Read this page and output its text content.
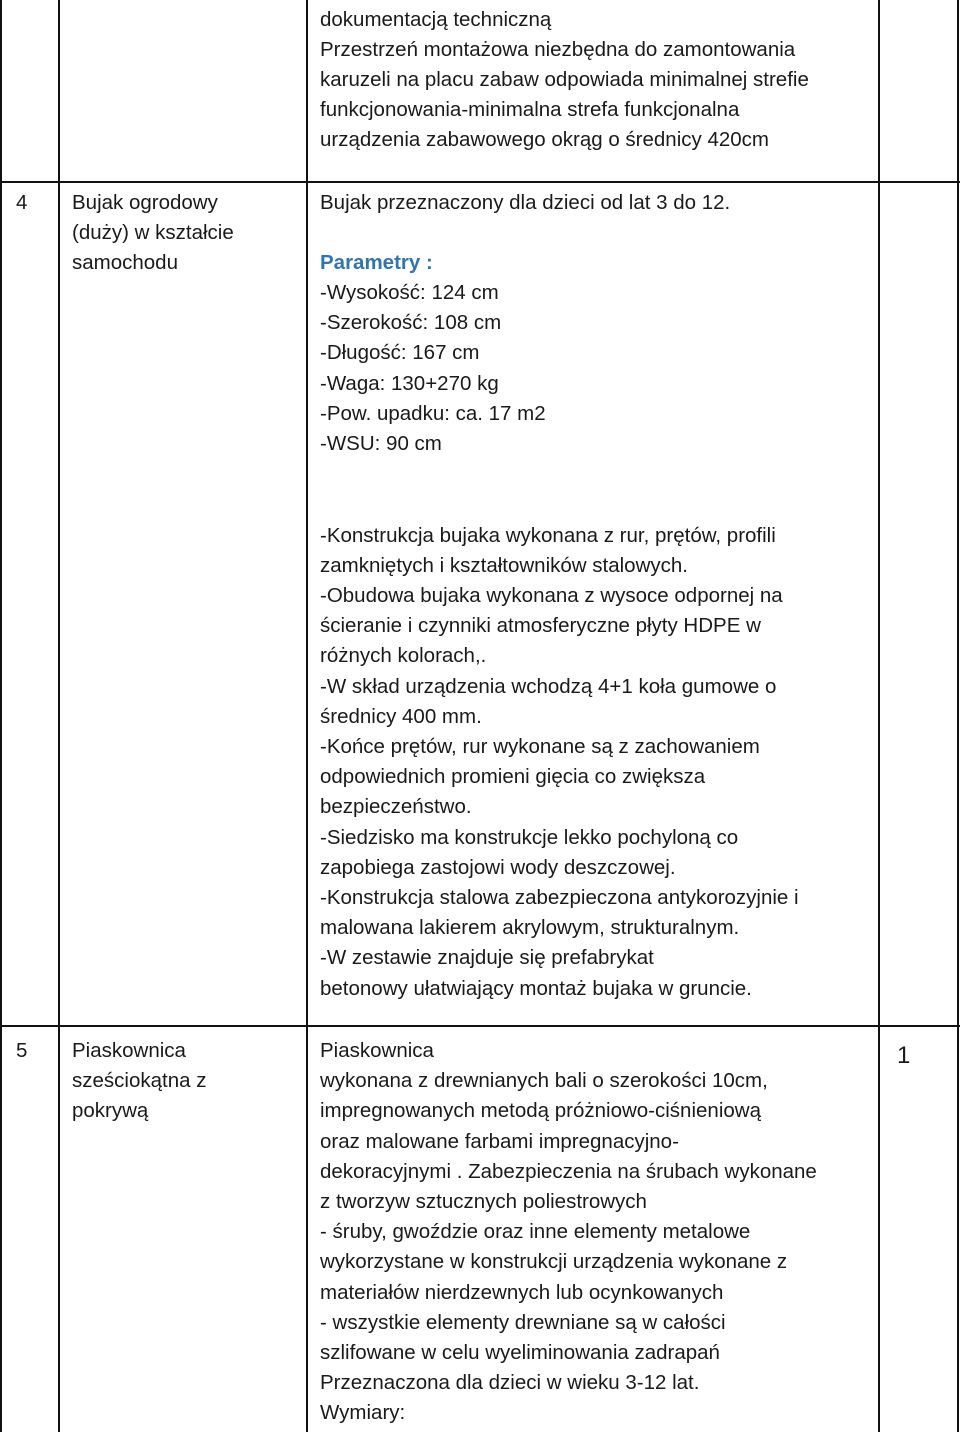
dokumentacją techniczną
Przestrzeń montażowa niezbędna do zamontowania
karuzeli na placu zabaw odpowiada minimalnej strefie
funkcjonowania-minimalna strefa funkcjonalna
urządzenia zabawowego okrąg o średnicy 420cm
4 Bujak ogrodowy
(duży) w kształcie
samochodu
Bujak przeznaczony dla dzieci od lat 3 do 12.
Parametry :
-Wysokość: 124 cm
-Szerokość: 108 cm
-Długość: 167 cm
-Waga: 130+270 kg
-Pow. upadku: ca. 17 m2
-WSU: 90 cm
-Konstrukcja bujaka wykonana z rur, prętów, profili
zamkniętych i kształtowników stalowych.
-Obudowa bujaka wykonana z wysoce odpornej na
ścieranie i czynniki atmosferyczne płyty HDPE w
różnych kolorach,.
-W skład urządzenia wchodzą 4+1 koła gumowe o
średnicy 400 mm.
-Końce prętów, rur wykonane są z zachowaniem
odpowiednich promieni gięcia co zwiększa
bezpieczeństwo.
-Siedzisko ma konstrukcje lekko pochyloną co
zapobiega zastojowi wody deszczowej.
-Konstrukcja stalowa zabezpieczona antykorozyjnie i
malowana lakierem akrylowym, strukturalnym.
-W zestawie znajduje się prefabrykat
betonowy ułatwiający montaż bujaka w gruncie.
5 Piaskownica
sześciokątna z
pokrywą
Piaskownica
wykonana z drewnianych bali o szerokości 10cm,
impregnowanych metodą próżniowo-ciśnieniową
oraz malowane farbami impregnacyjno-
dekoracyjnymi . Zabezpieczenia na śrubach wykonane
z tworzyw sztucznych poliestrowych
- śruby, gwoździe oraz inne elementy metalowe
wykorzystane w konstrukcji urządzenia wykonane z
materiałów nierdzewnych lub ocynkowanych
- wszystkie elementy drewniane są w całości
szlifowane w celu wyeliminowania zadrapań
Przeznaczona dla dzieci w wieku 3-12 lat.
Wymiary:
1
